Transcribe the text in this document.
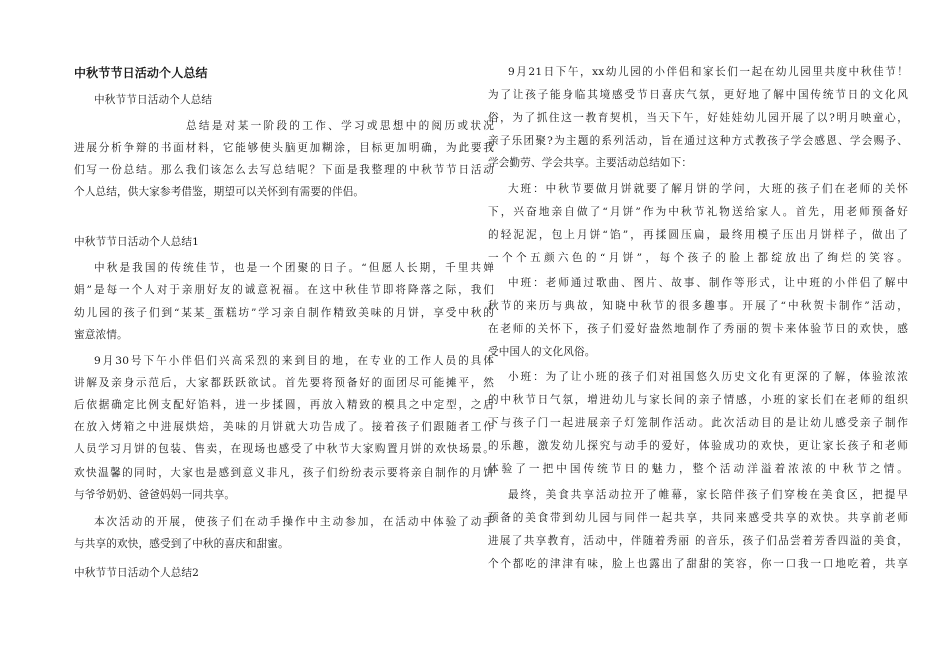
中秋节节日活动个人总结
中秋节节日活动个人总结
总结是对某一阶段的工作、学习或思想中的阅历或状况
进展分析争辩的书面材料，它能够使头脑更加糊涂，目标更加明确，为此要我
们写一份总结。那么我们该怎么去写总结呢？下面是我整理的中秋节节日活动
个人总结，供大家参考借鉴，期望可以关怀到有需要的伴侣。
中秋节节日活动个人总结1
中秋是我国的传统佳节，也是一个团聚的日子。“但愿人长期，千里共婵
娟”是每一个人对于亲朋好友的诚意祝福。在这中秋佳节即将降落之际，我们
幼儿园的孩子们到“某某_蛋糕坊”学习亲自制作精致美味的月饼，享受中秋的
蜜意浓情。
9月30号下午小伴侣们兴高采烈的来到目的地，在专业的工作人员的具体
讲解及亲身示范后，大家都跃跃欲试。首先要将预备好的面团尽可能摊平，然
后依据确定比例支配好馅料，进一步揉圆，再放入精致的模具之中定型，之后
在放入烤箱之中进展烘焙，美味的月饼就大功告成了。接着孩子们跟随者工作
人员学习月饼的包装、售卖，在现场也感受了中秋节大家购置月饼的欢快场景。
欢快温馨的同时，大家也是感到意义非凡，孩子们纷纷表示要将亲自制作的月饼
与爷爷奶奶、爸爸妈妈一同共享。
本次活动的开展，使孩子们在动手操作中主动参加，在活动中体验了动手
与共享的欢快，感受到了中秋的喜庆和甜蜜。
中秋节节日活动个人总结2
9月21日下午，xx幼儿园的小伴侣和家长们一起在幼儿园里共度中秋佳节！
为了让孩子能身临其境感受节日喜庆气氛，更好地了解中国传统节日的文化风
俗，为了抓住这一教育契机，当天下午，好娃娃幼儿园开展了以?明月映童心，
亲子乐团聚?为主题的系列活动，旨在通过这种方式教孩子学会感恩、学会赐予、
学会勤劳、学会共享。主要活动总结如下：
大班：中秋节要做月饼就要了解月饼的学问，大班的孩子们在老师的关怀
下，兴奋地亲自做了“月饼”作为中秋节礼物送给家人。首先，用老师预备好
的轻泥泥，包上月饼“馅”，再揉圆压扁，最终用模子压出月饼样子，做出了
一个个五颜六色的“月饼”，每个孩子的脸上都绽放出了绚烂的笑容。
中班：老师通过歌曲、图片、故事、制作等形式，让中班的小伴侣了解中
秋节的来历与典故，知晓中秋节的很多趣事。开展了“中秋贺卡制作”活动，
在老师的关怀下，孩子们爱好盎然地制作了秀丽的贺卡来体验节日的欢快，感
受中国人的文化风俗。
小班：为了让小班的孩子们对祖国悠久历史文化有更深的了解，体验浓浓
的中秋节日气氛，增进幼儿与家长间的亲子情感，小班的家长们在老师的组织
下与孩子门一起进展亲子灯笼制作活动。此次活动目的是让幼儿感受亲子制作
的乐趣，激发幼儿探究与动手的爱好，体验成功的欢快，更让家长孩子和老师
体验了一把中国传统节日的魅力，整个活动洋溢着浓浓的中秋节之情。
最终，美食共享活动拉开了帷幕，家长陪伴孩子们穿梭在美食区，把提早
预备的美食带到幼儿园与同伴一起共享，共同来感受共享的欢快。共享前老师
进展了共享教育，活动中，伴随着秀丽 的音乐，孩子们品尝着芳香四溢的美食，
个个都吃的津津有味，脸上也露出了甜甜的笑容，你一口我一口地吃着，共享
